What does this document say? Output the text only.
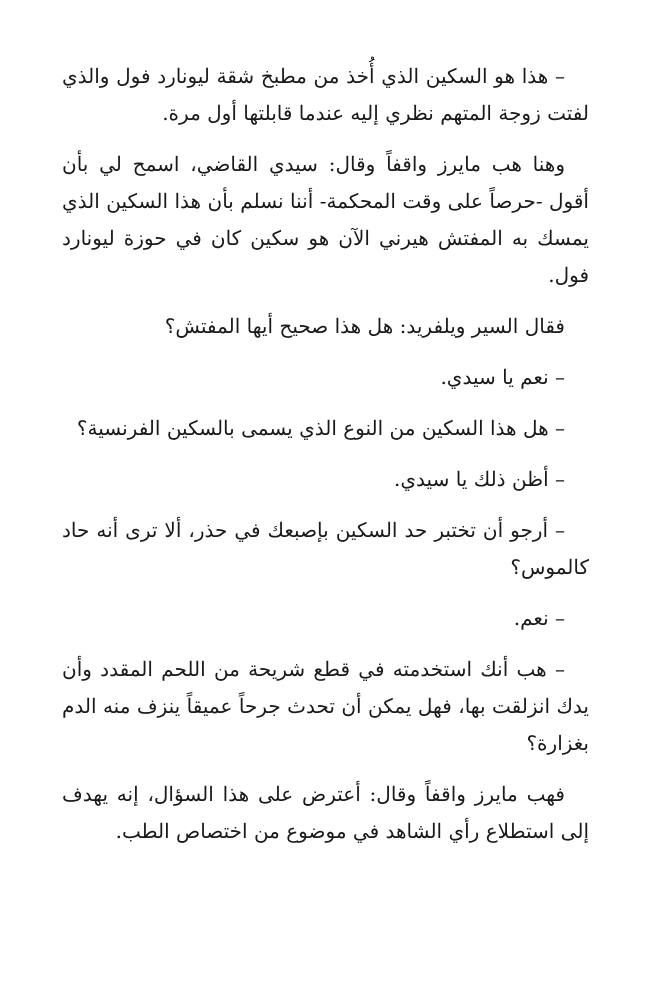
– هذا هو السكين الذي أُخذ من مطبخ شقة ليونارد فول والذي لفتت زوجة المتهم نظري إليه عندما قابلتها أول مرة.

وهنا هب مايرز واقفاً وقال: سيدي القاضي، اسمح لي بأن أقول -حرصاً على وقت المحكمة- أننا نسلم بأن هذا السكين الذي يمسك به المفتش هيرني الآن هو سكين كان في حوزة ليونارد فول.

فقال السير ويلفريد: هل هذا صحيح أيها المفتش؟

– نعم يا سيدي.

– هل هذا السكين من النوع الذي يسمى بالسكين الفرنسية؟

– أظن ذلك يا سيدي.

– أرجو أن تختبر حد السكين بإصبعك في حذر، ألا ترى أنه حاد كالموس؟

– نعم.

– هب أنك استخدمته في قطع شريحة من اللحم المقدد وأن يدك انزلقت بها، فهل يمكن أن تحدث جرحاً عميقاً ينزف منه الدم بغزارة؟

فهب مايرز واقفاً وقال: أعترض على هذا السؤال، إنه يهدف إلى استطلاع رأي الشاهد في موضوع من اختصاص الطب.
